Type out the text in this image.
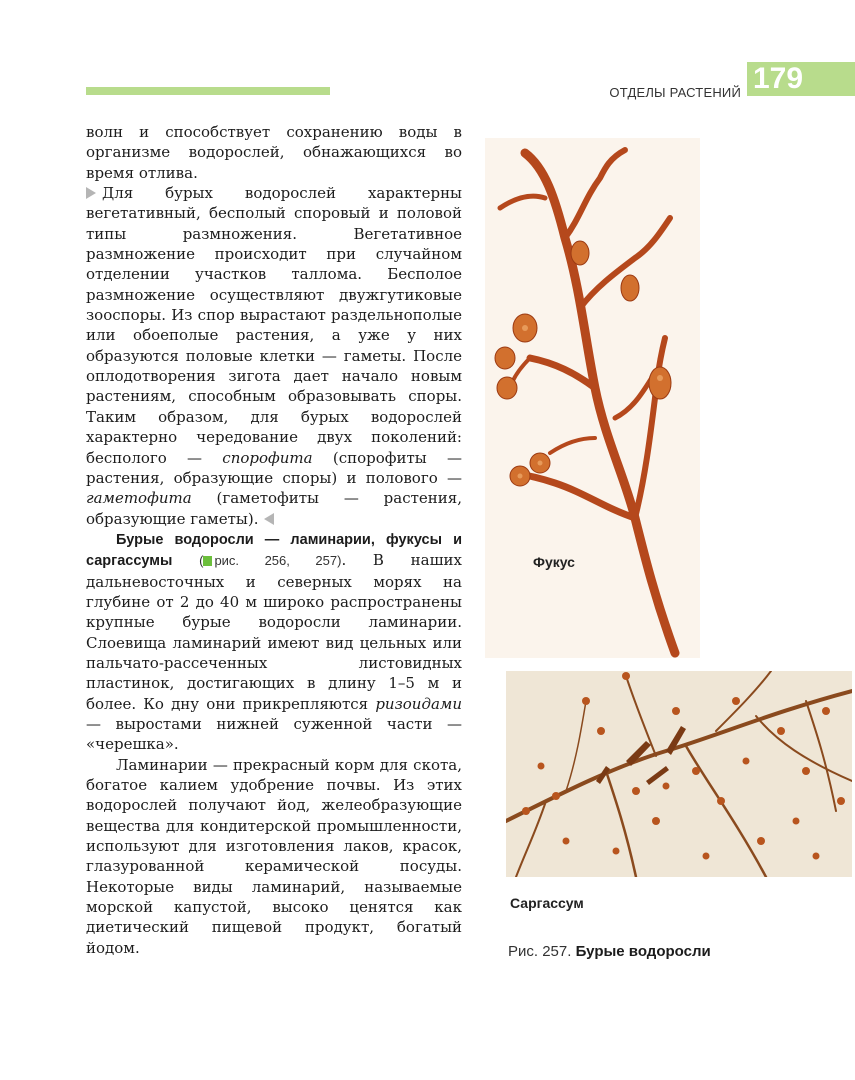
ОТДЕЛЫ РАСТЕНИЙ 179

волн и способствует сохранению воды в организме водорослей, обнажающихся во время отлива.

Для бурых водорослей характерны вегетативный, бесполый споровый и половой типы размножения. Вегетативное размножение происходит при случайном отделении участков таллома. Бесполое размножение осуществляют двужгутиковые зооспоры. Из спор вырастают раздельнополые или обоеполые растения, а уже у них образуются половые клетки — гаметы. После оплодотворения зигота дает начало новым растениям, способным образовывать споры. Таким образом, для бурых водорослей характерно чередование двух поколений: бесполого — спорофита (спорофиты — растения, образующие споры) и полового — гаметофита (гаметофиты — растения, образующие гаметы).

Бурые водоросли — ламинарии, фукусы и саргассумы ( рис. 256, 257). В наших дальневосточных и северных морях на глубине от 2 до 40 м широко распространены крупные бурые водоросли ламинарии. Слоевища ламинарий имеют вид цельных или пальчато-рассеченных листовидных пластинок, достигающих в длину 1–5 м и более. Ко дну они прикрепляются ризоидами — выростами нижней суженной части — «черешка».

Ламинарии — прекрасный корм для скота, богатое калием удобрение почвы. Из этих водорослей получают йод, желеобразующие вещества для кондитерской промышленности, используют для изготовления лаков, красок, глазурованной керамической посуды. Некоторые виды ламинарий, называемые морской капустой, высоко ценятся как диетический пищевой продукт, богатый йодом.

Фукус
Саргассум
Рис. 257. Бурые водоросли
